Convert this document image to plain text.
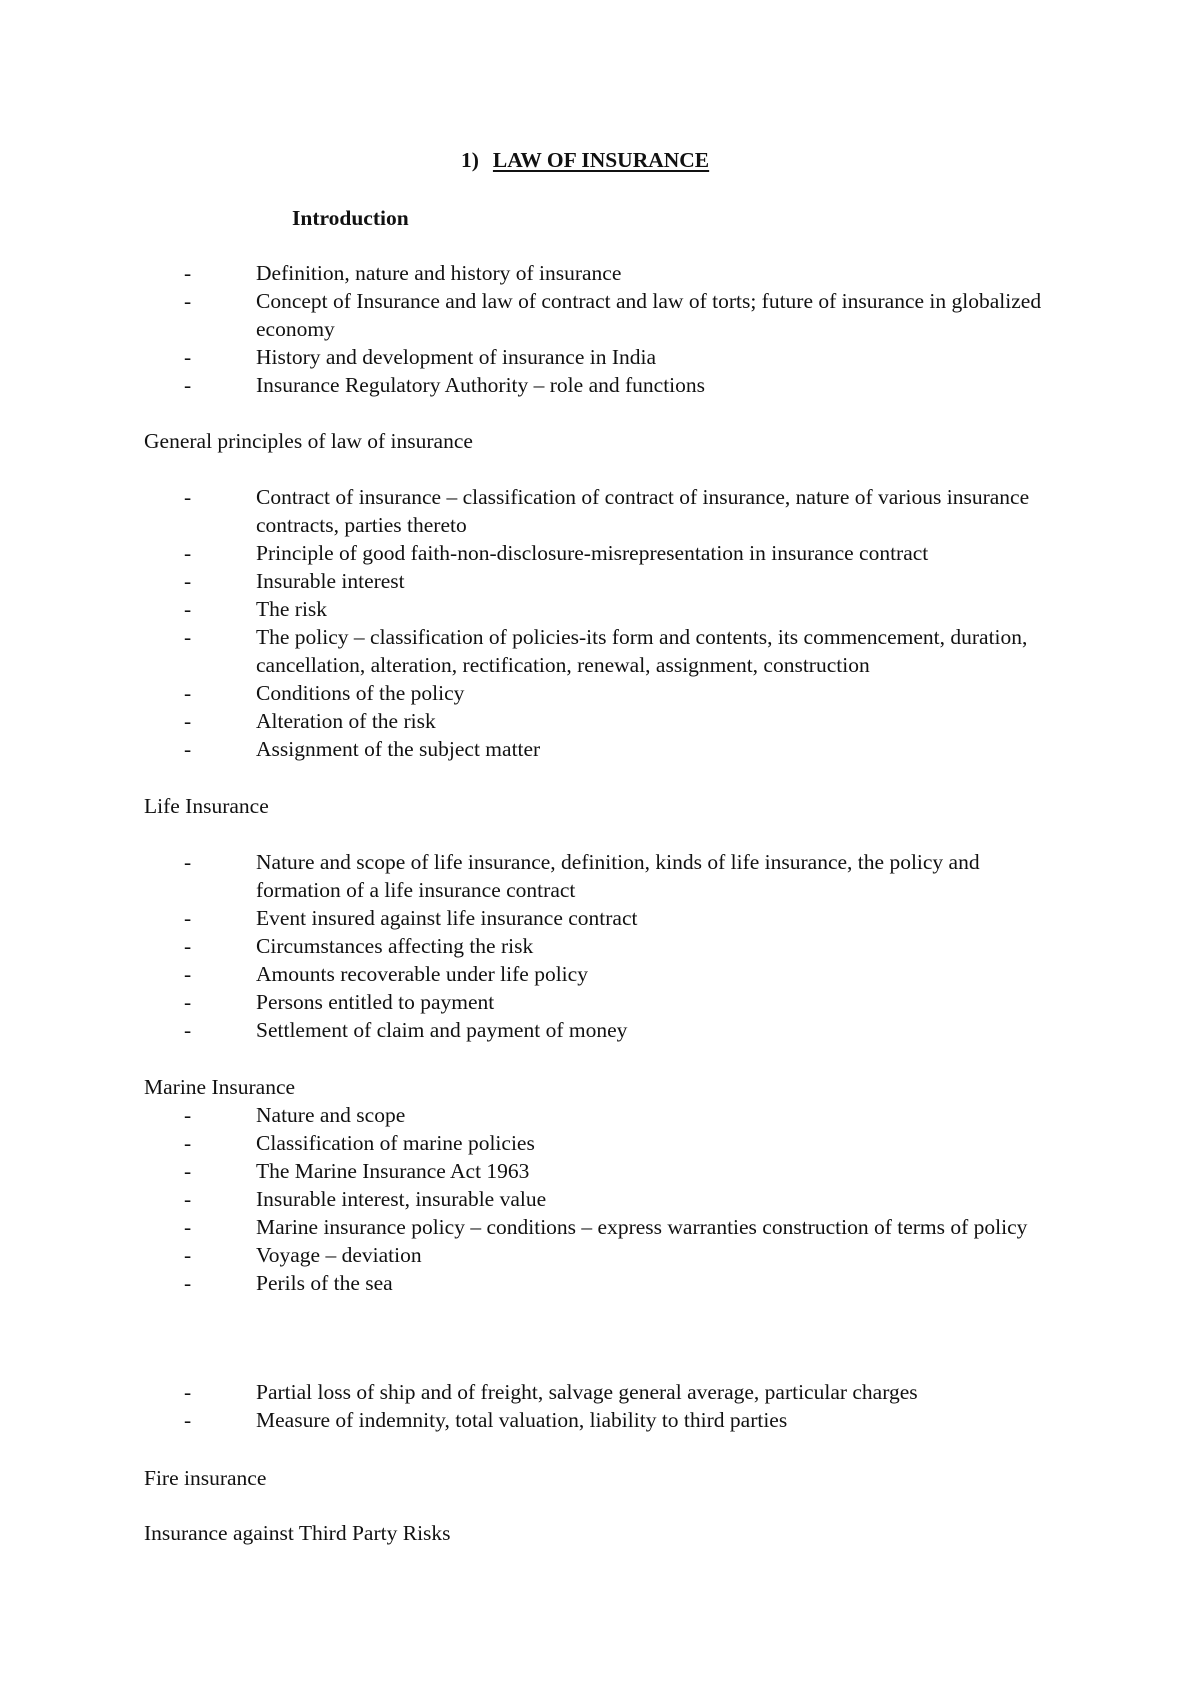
1) LAW OF INSURANCE
Introduction
-	Definition, nature and history of insurance
-	Concept of Insurance and law of contract and law of torts; future of insurance in globalized economy
-	History and development of insurance in India
-	Insurance Regulatory Authority – role and functions
General principles of law of insurance
-	Contract of insurance – classification of contract of insurance, nature of various insurance contracts, parties thereto
-	Principle of good faith-non-disclosure-misrepresentation in insurance contract
-	Insurable interest
-	The risk
-	The policy – classification of policies-its form and contents, its commencement, duration, cancellation, alteration, rectification, renewal, assignment, construction
-	Conditions of the policy
-	Alteration of the risk
-	Assignment of the subject matter
Life Insurance
-	Nature and scope of life insurance, definition, kinds of life insurance, the policy and formation of a life insurance contract
-	Event insured against life insurance contract
-	Circumstances affecting the risk
-	Amounts recoverable under life policy
-	Persons entitled to payment
-	Settlement of claim and payment of money
Marine Insurance
-	Nature and scope
-	Classification of marine policies
-	The Marine Insurance Act 1963
-	Insurable interest, insurable value
-	Marine insurance policy – conditions – express warranties construction of terms of policy
-	Voyage – deviation
-	Perils of the sea
-	Partial loss of ship and of freight, salvage general average, particular charges
-	Measure of indemnity, total valuation, liability to third parties
Fire insurance
Insurance against Third Party Risks
